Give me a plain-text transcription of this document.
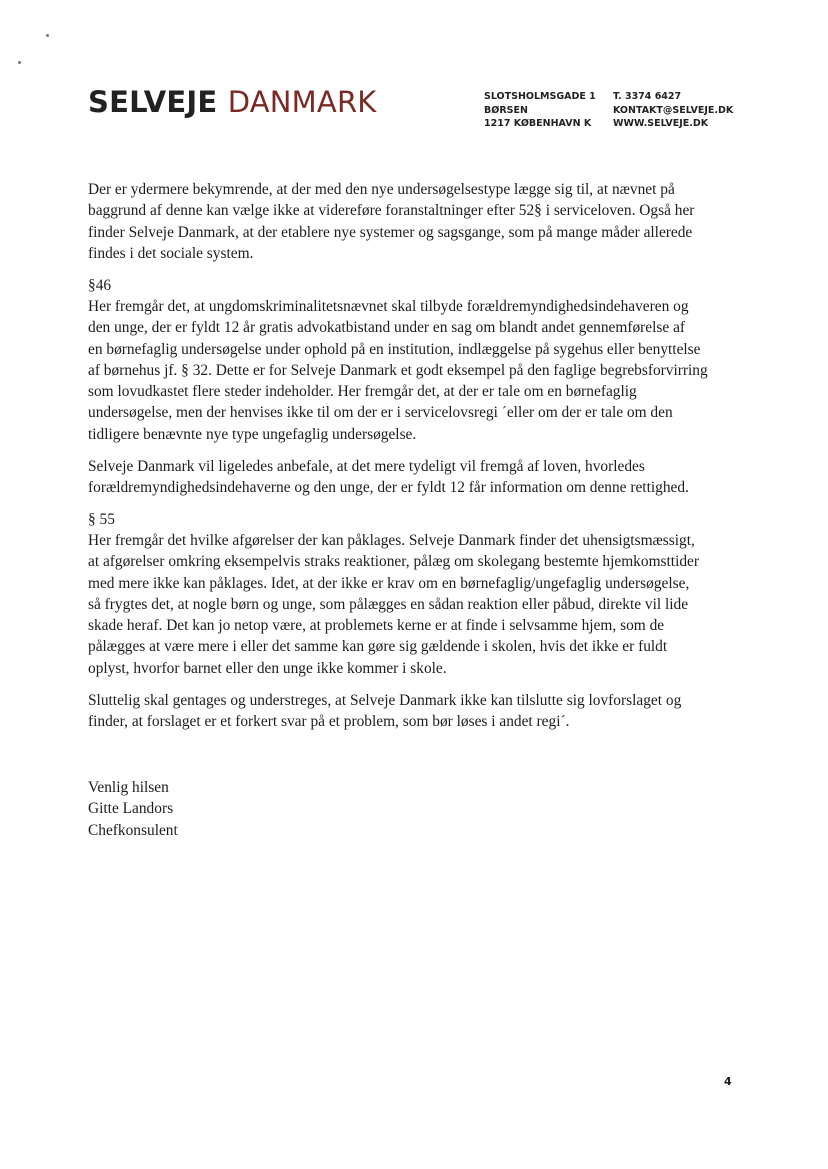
SELVEJE DANMARK	SLOTSHOLMSGADE 1
BØRSEN
1217 KØBENHAVN K
T. 3374 6427
KONTAKT@SELVEJE.DK
WWW.SELVEJE.DK

Der er ydermere bekymrende, at der med den nye undersøgelsestype lægge sig til, at nævnet på
baggrund af denne kan vælge ikke at videreføre foranstaltninger efter 52§ i serviceloven. Også her
finder Selveje Danmark, at der etablere nye systemer og sagsgange, som på mange måder allerede
findes i det sociale system.

§46
Her fremgår det, at ungdomskriminalitetsnævnet skal tilbyde forældremyndighedsindehaveren og
den unge, der er fyldt 12 år gratis advokatbistand under en sag om blandt andet gennemførelse af
en børnefaglig undersøgelse under ophold på en institution, indlæggelse på sygehus eller benyttelse
af børnehus jf. § 32. Dette er for Selveje Danmark et godt eksempel på den faglige begrebsforvirring
som lovudkastet flere steder indeholder. Her fremgår det, at der er tale om en børnefaglig
undersøgelse, men der henvises ikke til om der er i servicelovsregi ´eller om der er tale om den
tidligere benævnte nye type ungefaglig undersøgelse.

Selveje Danmark vil ligeledes anbefale, at det mere tydeligt vil fremgå af loven, hvorledes
forældremyndighedsindehaverne og den unge, der er fyldt 12 får information om denne rettighed.

§ 55
Her fremgår det hvilke afgørelser der kan påklages. Selveje Danmark finder det uhensigtsmæssigt,
at afgørelser omkring eksempelvis straks reaktioner, pålæg om skolegang bestemte hjemkomsttider
med mere ikke kan påklages. Idet, at der ikke er krav om en børnefaglig/ungefaglig undersøgelse,
så frygtes det, at nogle børn og unge, som pålægges en sådan reaktion eller påbud, direkte vil lide
skade heraf. Det kan jo netop være, at problemets kerne er at finde i selvsamme hjem, som de
pålægges at være mere i eller det samme kan gøre sig gældende i skolen, hvis det ikke er fuldt
oplyst, hvorfor barnet eller den unge ikke kommer i skole.

Sluttelig skal gentages og understreges, at Selveje Danmark ikke kan tilslutte sig lovforslaget og
finder, at forslaget er et forkert svar på et problem, som bør løses i andet regi´.

Venlig hilsen
Gitte Landors
Chefkonsulent
4
